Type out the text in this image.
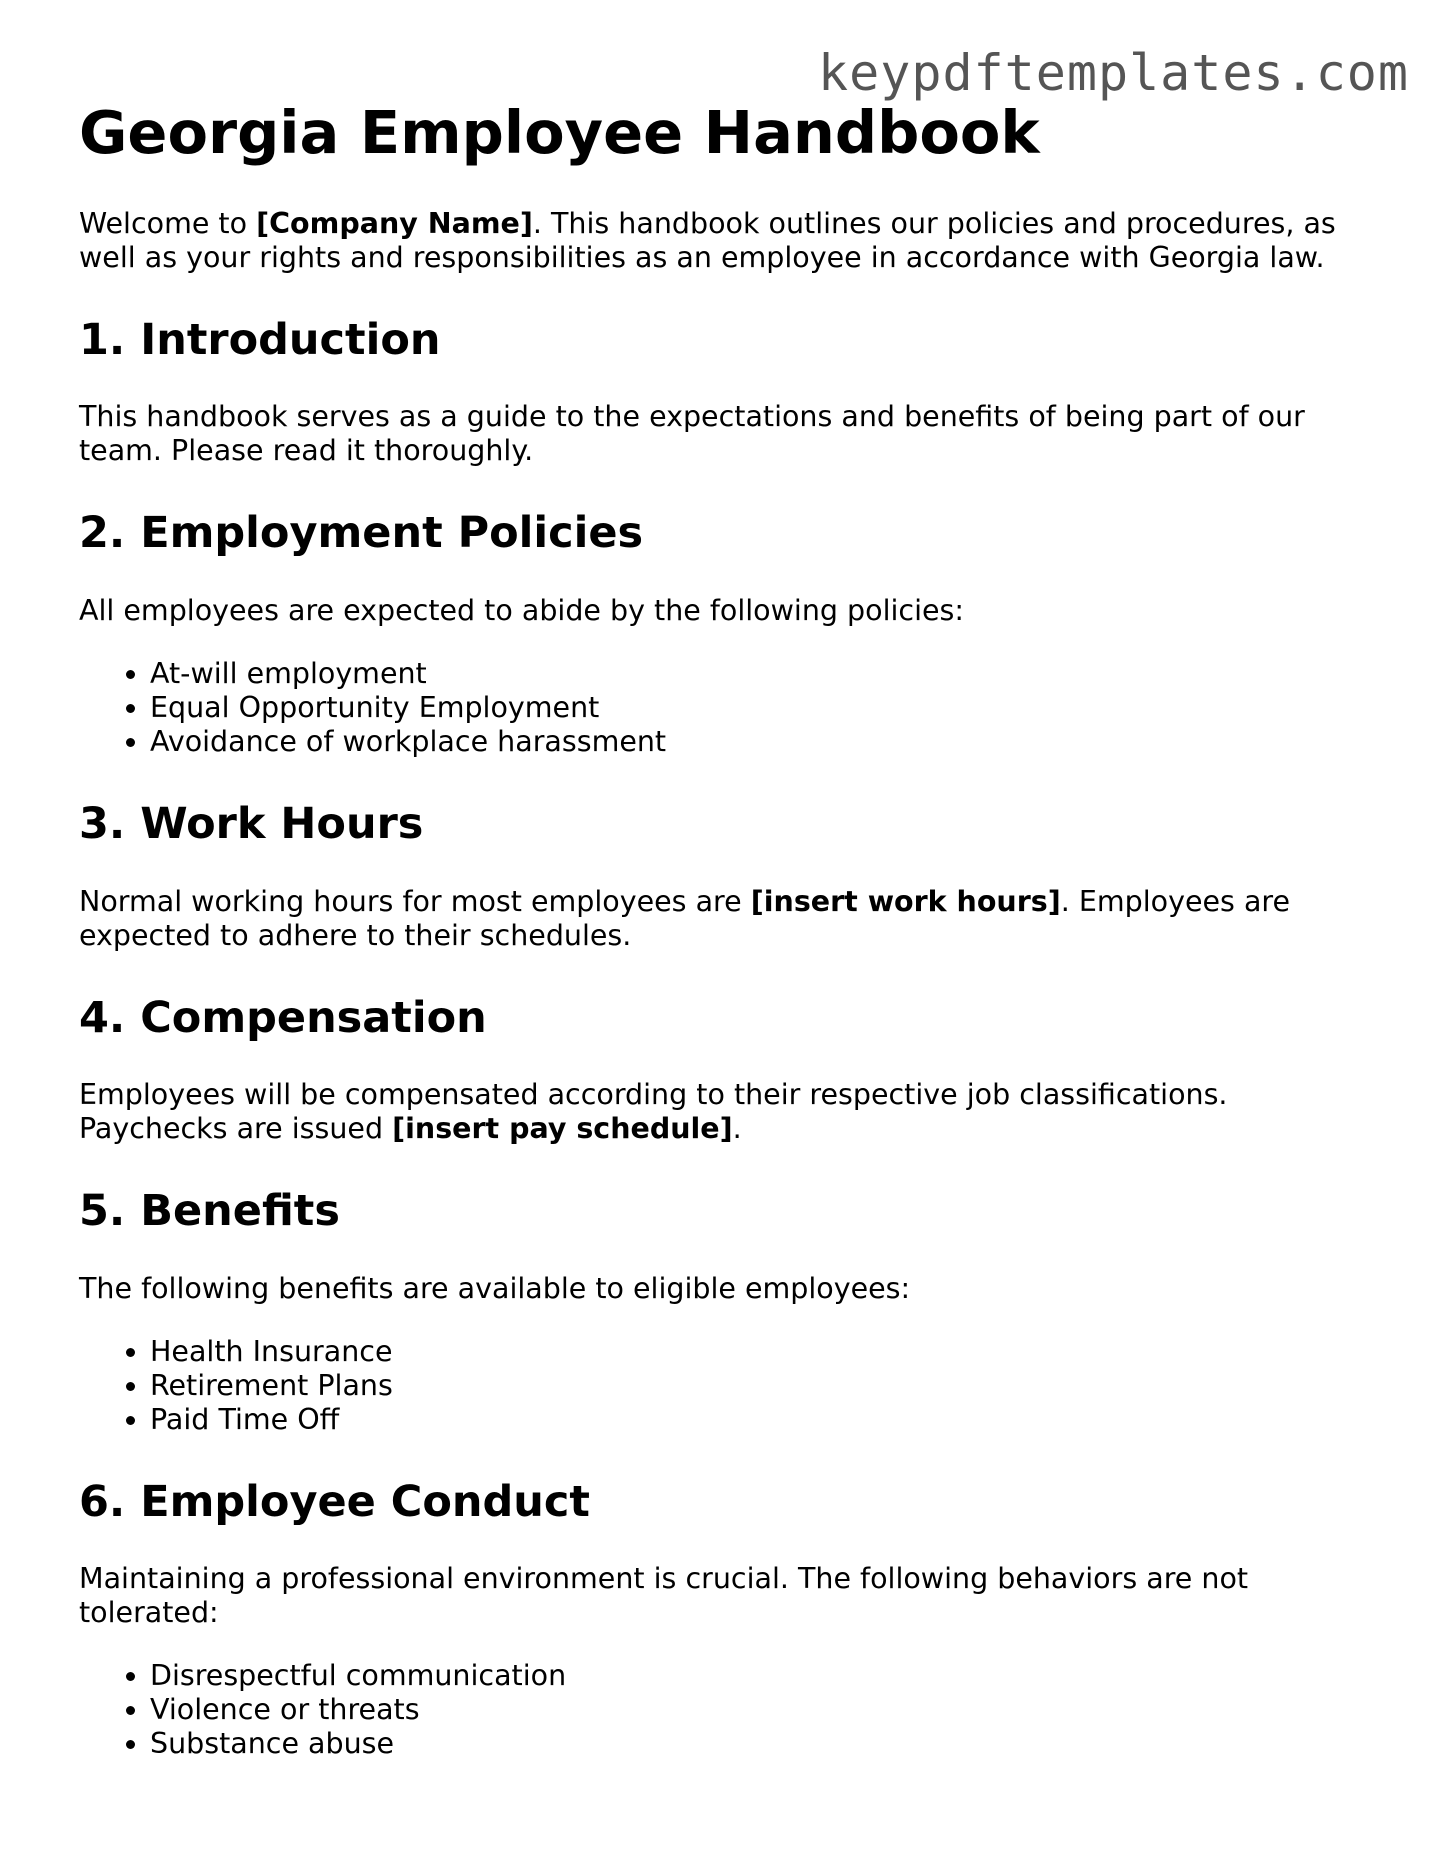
keypdftemplates.com
Georgia Employee Handbook

Welcome to [Company Name]. This handbook outlines our policies and procedures, as well as your rights and responsibilities as an employee in accordance with Georgia law.

1. Introduction

This handbook serves as a guide to the expectations and benefits of being part of our team. Please read it thoroughly.

2. Employment Policies

All employees are expected to abide by the following policies:

• At-will employment
• Equal Opportunity Employment
• Avoidance of workplace harassment
3. Work Hours

Normal working hours for most employees are [insert work hours]. Employees are expected to adhere to their schedules.

4. Compensation

Employees will be compensated according to their respective job classifications. Paychecks are issued [insert pay schedule].

5. Benefits

The following benefits are available to eligible employees:

• Health Insurance
• Retirement Plans
• Paid Time Off
6. Employee Conduct

Maintaining a professional environment is crucial. The following behaviors are not tolerated:

• Disrespectful communication
• Violence or threats
• Substance abuse
